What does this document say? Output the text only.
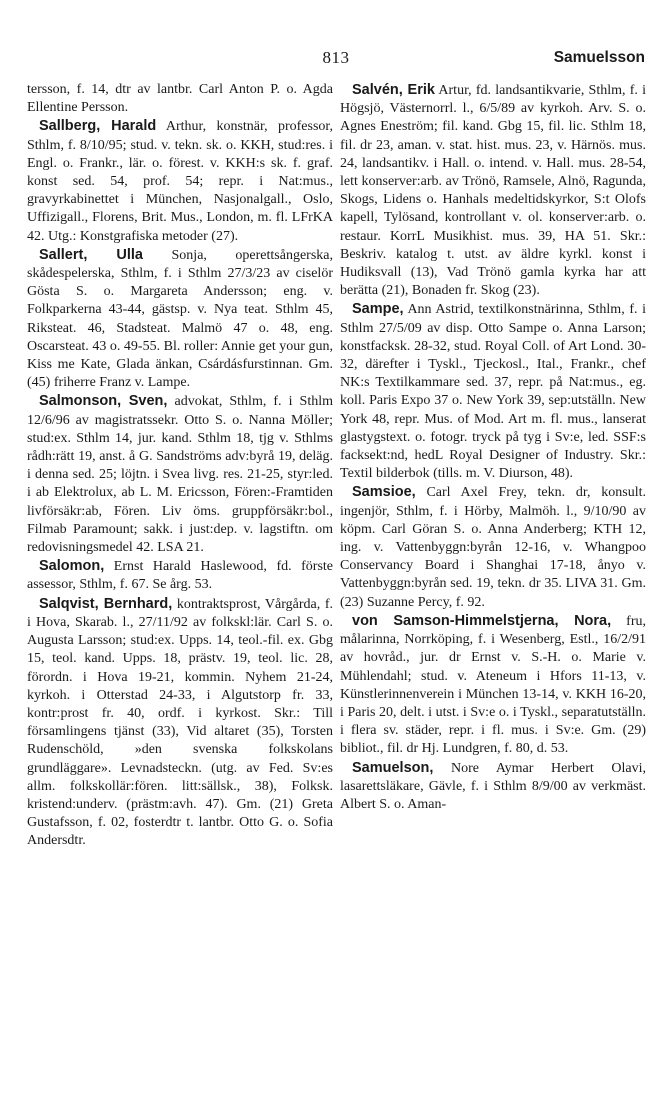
813	Samuelsson

tersson, f. 14, dtr av lantbr. Carl Anton P. o. Agda Ellentine Persson.

Sallberg, Harald Arthur, konstnär, professor, Sthlm, f. 8/10/95; stud. v. tekn. sk. o. KKH, stud:res. i Engl. o. Frankr., lär. o. förest. v. KKH:s sk. f. graf. konst sed. 54, prof. 54; repr. i Nat:mus., gravyrkabinettet i München, Nasjonalgall., Oslo, Uffizigall., Florens, Brit. Mus., London, m. fl. LFrKA 42. Utg.: Konstgrafiska metoder (27).

Sallert, Ulla Sonja, operettsångerska, skådespelerska, Sthlm, f. i Sthlm 27/3/23 av ciselör Gösta S. o. Margareta Andersson; eng. v. Folkparkerna 43-44, gästsp. v. Nya teat. Sthlm 45, Riksteat. 46, Stadsteat. Malmö 47 o. 48, eng. Oscarsteat. 43 o. 49-55. Bl. roller: Annie get your gun, Kiss me Kate, Glada änkan, Csárdásfurstinnan. Gm. (45) friherre Franz v. Lampe.

Salmonson, Sven, advokat, Sthlm, f. i Sthlm 12/6/96 av magistratssekr. Otto S. o. Nanna Möller; stud:ex. Sthlm 14, jur. kand. Sthlm 18, tjg v. Sthlms rådh:rätt 19, anst. å G. Sandströms adv:byrå 19, deläg. i denna sed. 25; löjtn. i Svea livg. res. 21-25, styr:led. i ab Elektrolux, ab L. M. Ericsson, Fören:-Framtiden livförsäkr:ab, Fören. Liv öms. gruppförsäkr:bol., Filmab Paramount; sakk. i just:dep. v. lagstiftn. om redovisningsmedel 42. LSA 21.

Salomon, Ernst Harald Haslewood, fd. förste assessor, Sthlm, f. 67. Se årg. 53.

Salqvist, Bernhard, kontraktsprost, Vårgårda, f. i Hova, Skarab. l., 27/11/92 av folkskl:lär. Carl S. o. Augusta Larsson; stud:ex. Upps. 14, teol.-fil. ex. Gbg 15, teol. kand. Upps. 18, prästv. 19, teol. lic. 28, förordn. i Hova 19-21, kommin. Nyhem 21-24, kyrkoh. i Otterstad 24-33, i Algutstorp fr. 33, kontr:prost fr. 40, ordf. i kyrkost. Skr.: Till församlingens tjänst (33), Vid altaret (35), Torsten Rudenschöld, »den svenska folkskolans grundläggare». Levnadsteckn. (utg. av Fed. Sv:es allm. folkskollär:fören. litt:sällsk., 38), Folksk. kristend:underv. (prästm:avh. 47). Gm. (21) Greta Gustafsson, f. 02, fosterdtr t. lantbr. Otto G. o. Sofia Andersdtr.

Salvén, Erik Artur, fd. landsantikvarie, Sthlm, f. i Högsjö, Västernorrl. l., 6/5/89 av kyrkoh. Arv. S. o. Agnes Eneström; fil. kand. Gbg 15, fil. lic. Sthlm 18, fil. dr 23, aman. v. stat. hist. mus. 23, v. Härnös. mus. 24, landsantikv. i Hall. o. intend. v. Hall. mus. 28-54, lett konserver:arb. av Trönö, Ramsele, Alnö, Ragunda, Skogs, Lidens o. Hanhals medeltidskyrkor, S:t Olofs kapell, Tylösand, kontrollant v. ol. konserver:arb. o. restaur. KorrL Musikhist. mus. 39, HA 51. Skr.: Beskriv. katalog t. utst. av äldre kyrkl. konst i Hudiksvall (13), Vad Trönö gamla kyrka har att berätta (21), Bonaden fr. Skog (23).

Sampe, Ann Astrid, textilkonstnärinna, Sthlm, f. i Sthlm 27/5/09 av disp. Otto Sampe o. Anna Larson; konstfacksk. 28-32, stud. Royal Coll. of Art Lond. 30-32, därefter i Tyskl., Tjeckosl., Ital., Frankr., chef NK:s Textilkammare sed. 37, repr. på Nat:mus., eg. koll. Paris Expo 37 o. New York 39, sep:utställn. New York 48, repr. Mus. of Mod. Art m. fl. mus., lanserat glastygstext. o. fotogr. tryck på tyg i Sv:e, led. SSF:s facksekt:nd, hedL Royal Designer of Industry. Skr.: Textil bilderbok (tills. m. V. Diurson, 48).

Samsioe, Carl Axel Frey, tekn. dr, konsult. ingenjör, Sthlm, f. i Hörby, Malmöh. l., 9/10/90 av köpm. Carl Göran S. o. Anna Anderberg; KTH 12, ing. v. Vattenbyggn:byrån 12-16, v. Whangpoo Conservancy Board i Shanghai 17-18, ånyo v. Vattenbyggn:byrån sed. 19, tekn. dr 35. LIVA 31. Gm. (23) Suzanne Percy, f. 92.

von Samson-Himmelstjerna, Nora, fru, målarinna, Norrköping, f. i Wesenberg, Estl., 16/2/91 av hovråd., jur. dr Ernst v. S.-H. o. Marie v. Mühlendahl; stud. v. Ateneum i Hfors 11-13, v. Künstlerinnenverein i München 13-14, v. KKH 16-20, i Paris 20, delt. i utst. i Sv:e o. i Tyskl., separatutställn. i flera sv. städer, repr. i fl. mus. i Sv:e. Gm. (29) bibliot., fil. dr Hj. Lundgren, f. 80, d. 53.

Samuelson, Nore Aymar Herbert Olavi, lasarettsläkare, Gävle, f. i Sthlm 8/9/00 av verkmäst. Albert S. o. Aman-
